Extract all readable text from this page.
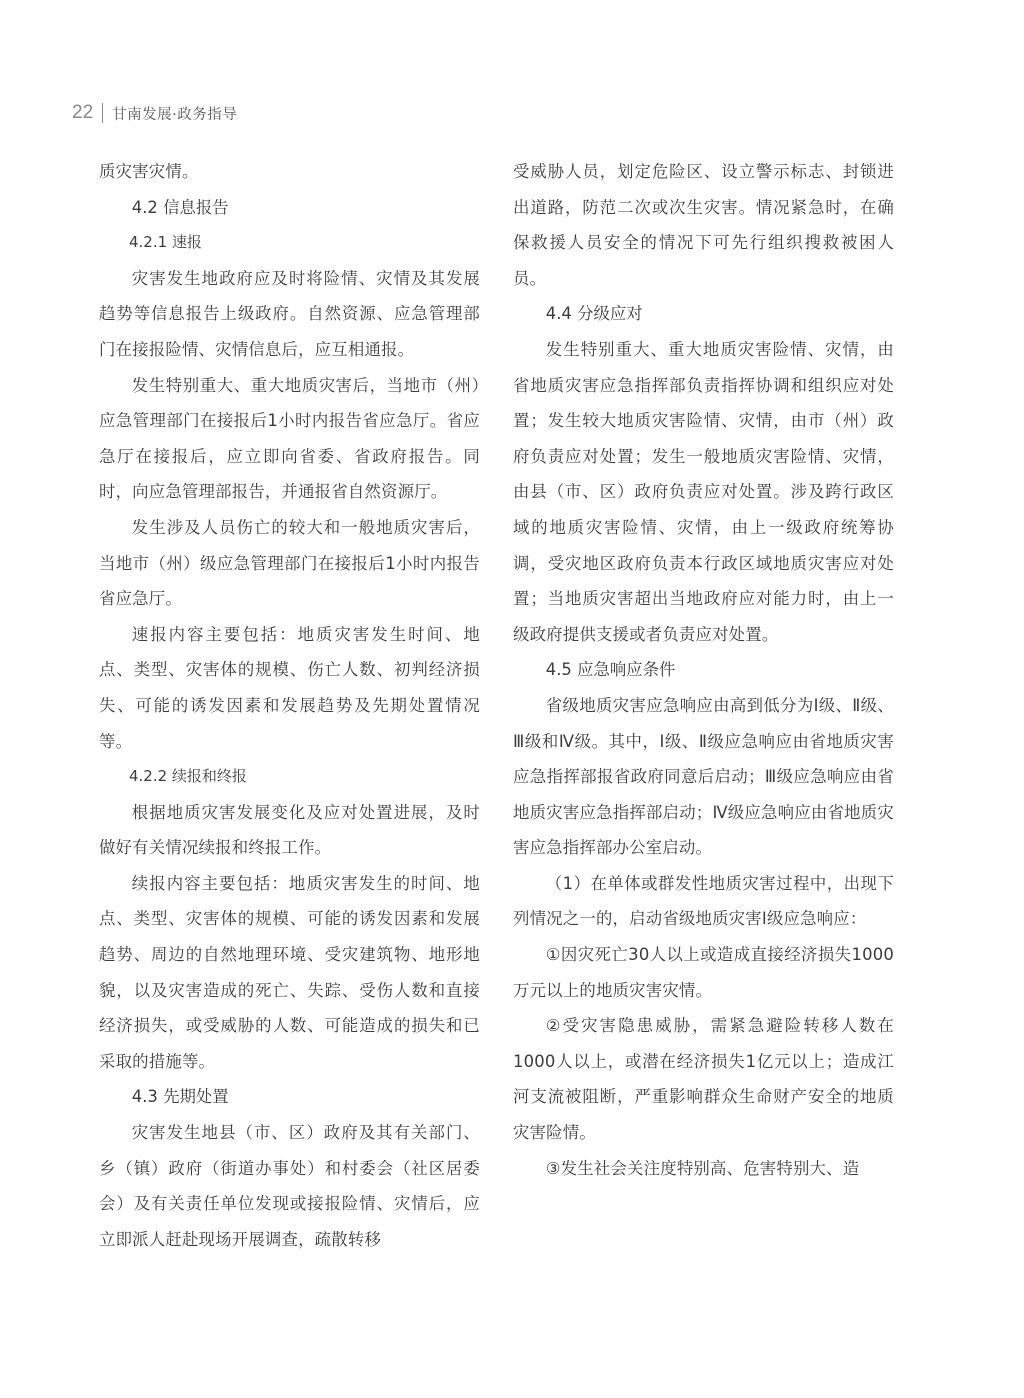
22 甘南发展·政务指导

质灾害灾情。

4.2 信息报告

4.2.1 速报

灾害发生地政府应及时将险情、灾情及其发展趋势等信息报告上级政府。自然资源、应急管理部门在接报险情、灾情信息后，应互相通报。

发生特别重大、重大地质灾害后，当地市（州）应急管理部门在接报后1小时内报告省应急厅。省应急厅在接报后，应立即向省委、省政府报告。同时，向应急管理部报告，并通报省自然资源厅。

发生涉及人员伤亡的较大和一般地质灾害后，当地市（州）级应急管理部门在接报后1小时内报告省应急厅。

速报内容主要包括：地质灾害发生时间、地点、类型、灾害体的规模、伤亡人数、初判经济损失、可能的诱发因素和发展趋势及先期处置情况等。

4.2.2 续报和终报

根据地质灾害发展变化及应对处置进展，及时做好有关情况续报和终报工作。

续报内容主要包括：地质灾害发生的时间、地点、类型、灾害体的规模、可能的诱发因素和发展趋势、周边的自然地理环境、受灾建筑物、地形地貌，以及灾害造成的死亡、失踪、受伤人数和直接经济损失，或受威胁的人数、可能造成的损失和已采取的措施等。

4.3 先期处置

灾害发生地县（市、区）政府及其有关部门、乡（镇）政府（街道办事处）和村委会（社区居委会）及有关责任单位发现或接报险情、灾情后，应立即派人赶赴现场开展调查，疏散转移

受威胁人员，划定危险区、设立警示标志、封锁进出道路，防范二次或次生灾害。情况紧急时，在确保救援人员安全的情况下可先行组织搜救被困人员。

4.4 分级应对

发生特别重大、重大地质灾害险情、灾情，由省地质灾害应急指挥部负责指挥协调和组织应对处置；发生较大地质灾害险情、灾情，由市（州）政府负责应对处置；发生一般地质灾害险情、灾情，由县（市、区）政府负责应对处置。涉及跨行政区域的地质灾害险情、灾情，由上一级政府统筹协调，受灾地区政府负责本行政区域地质灾害应对处置；当地质灾害超出当地政府应对能力时，由上一级政府提供支援或者负责应对处置。

4.5 应急响应条件

省级地质灾害应急响应由高到低分为Ⅰ级、Ⅱ级、Ⅲ级和Ⅳ级。其中，Ⅰ级、Ⅱ级应急响应由省地质灾害应急指挥部报省政府同意后启动；Ⅲ级应急响应由省地质灾害应急指挥部启动；Ⅳ级应急响应由省地质灾害应急指挥部办公室启动。

（1）在单体或群发性地质灾害过程中，出现下列情况之一的，启动省级地质灾害Ⅰ级应急响应：

①因灾死亡30人以上或造成直接经济损失1000万元以上的地质灾害灾情。

②受灾害隐患威胁，需紧急避险转移人数在1000人以上，或潜在经济损失1亿元以上；造成江河支流被阻断，严重影响群众生命财产安全的地质灾害险情。

③发生社会关注度特别高、危害特别大、造
